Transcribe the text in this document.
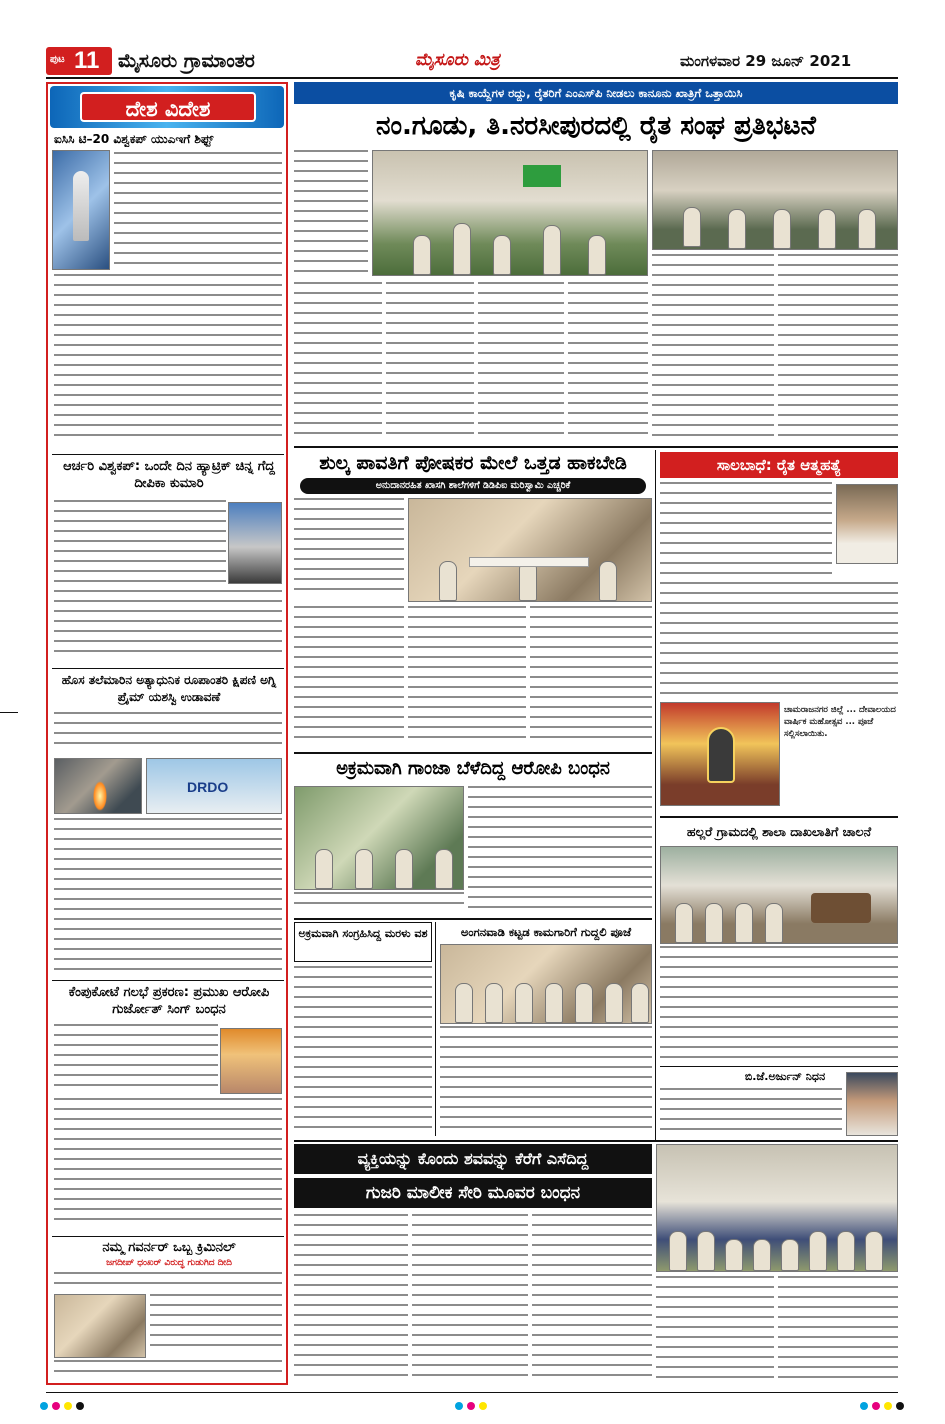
ಪುಟ 11 ಮೈಸೂರು ಗ್ರಾಮಾಂತರ	ಮೈಸೂರು ಮಿತ್ರ	ಮಂಗಳವಾರ 29 ಜೂನ್ 2021
ದೇಶ ವಿದೇಶ
ಐಸಿಸಿ ಟಿ–20 ವಿಶ್ವಕಪ್ ಯುಎಇಗೆ ಶಿಫ್ಟ್
ಆರ್ಚರಿ ವಿಶ್ವಕಪ್: ಒಂದೇ ದಿನ ಹ್ಯಾಟ್ರಿಕ್ ಚಿನ್ನ ಗೆದ್ದ ದೀಪಿಕಾ ಕುಮಾರಿ
ಹೊಸ ತಲೆಮಾರಿನ ಅತ್ಯಾಧುನಿಕ ರೂಪಾಂತರಿ ಕ್ಷಿಪಣಿ ಅಗ್ನಿ ಪ್ರೈಮ್ ಯಶಸ್ವಿ ಉಡಾವಣೆ
DRDO
ಕೆಂಪುಕೋಟೆ ಗಲಭೆ ಪ್ರಕರಣ: ಪ್ರಮುಖ ಆರೋಪಿ ಗುರ್ಜೋತ್ ಸಿಂಗ್ ಬಂಧನ
ನಮ್ಮ ಗವರ್ನರ್ ಒಬ್ಬ ಕ್ರಿಮಿನಲ್
ಜಗದೀಪ್ ಧಂಖರ್ ವಿರುದ್ಧ ಗುಡುಗಿದ ದೀದಿ
ಕೃಷಿ ಕಾಯ್ದೆಗಳ ರದ್ದು, ರೈತರಿಗೆ ಎಂಎಸ್‌ಪಿ ನೀಡಲು ಕಾನೂನು ಖಾತ್ರಿಗೆ ಒತ್ತಾಯಿಸಿ
ನಂ.ಗೂಡು, ತಿ.ನರಸೀಪುರದಲ್ಲಿ ರೈತ ಸಂಘ ಪ್ರತಿಭಟನೆ
ಶುಲ್ಕ ಪಾವತಿಗೆ ಪೋಷಕರ ಮೇಲೆ ಒತ್ತಡ ಹಾಕಬೇಡಿ
ಅನುದಾನರಹಿತ ಖಾಸಗಿ ಶಾಲೆಗಳಿಗೆ ಡಿಡಿಪಿಐ ಮರಿಸ್ವಾಮಿ ಎಚ್ಚರಿಕೆ
ಅಕ್ರಮವಾಗಿ ಗಾಂಜಾ ಬೆಳೆದಿದ್ದ ಆರೋಪಿ ಬಂಧನ
ಅಕ್ರಮವಾಗಿ ಸಂಗ್ರಹಿಸಿದ್ದ ಮರಳು ವಶ	ಅಂಗನವಾಡಿ ಕಟ್ಟಡ ಕಾಮಗಾರಿಗೆ ಗುದ್ದಲಿ ಪೂಜೆ
ಸಾಲಬಾಧೆ: ರೈತ ಆತ್ಮಹತ್ಯೆ
ಚಾಮರಾಜನಗರ ಜಿಲ್ಲೆ ... ದೇವಾಲಯದ ವಾರ್ಷಿಕ ಮಹೋತ್ಸವ ... ಪೂಜೆ ಸಲ್ಲಿಸಲಾಯಿತು.
ಹಲ್ಲರೆ ಗ್ರಾಮದಲ್ಲಿ ಶಾಲಾ ದಾಖಲಾತಿಗೆ ಚಾಲನೆ
ಬಿ.ಜೆ.ಅರ್ಜುನ್ ನಿಧನ
ವ್ಯಕ್ತಿಯನ್ನು ಕೊಂದು ಶವವನ್ನು ಕೆರೆಗೆ ಎಸೆದಿದ್ದ
ಗುಜರಿ ಮಾಲೀಕ ಸೇರಿ ಮೂವರ ಬಂಧನ
